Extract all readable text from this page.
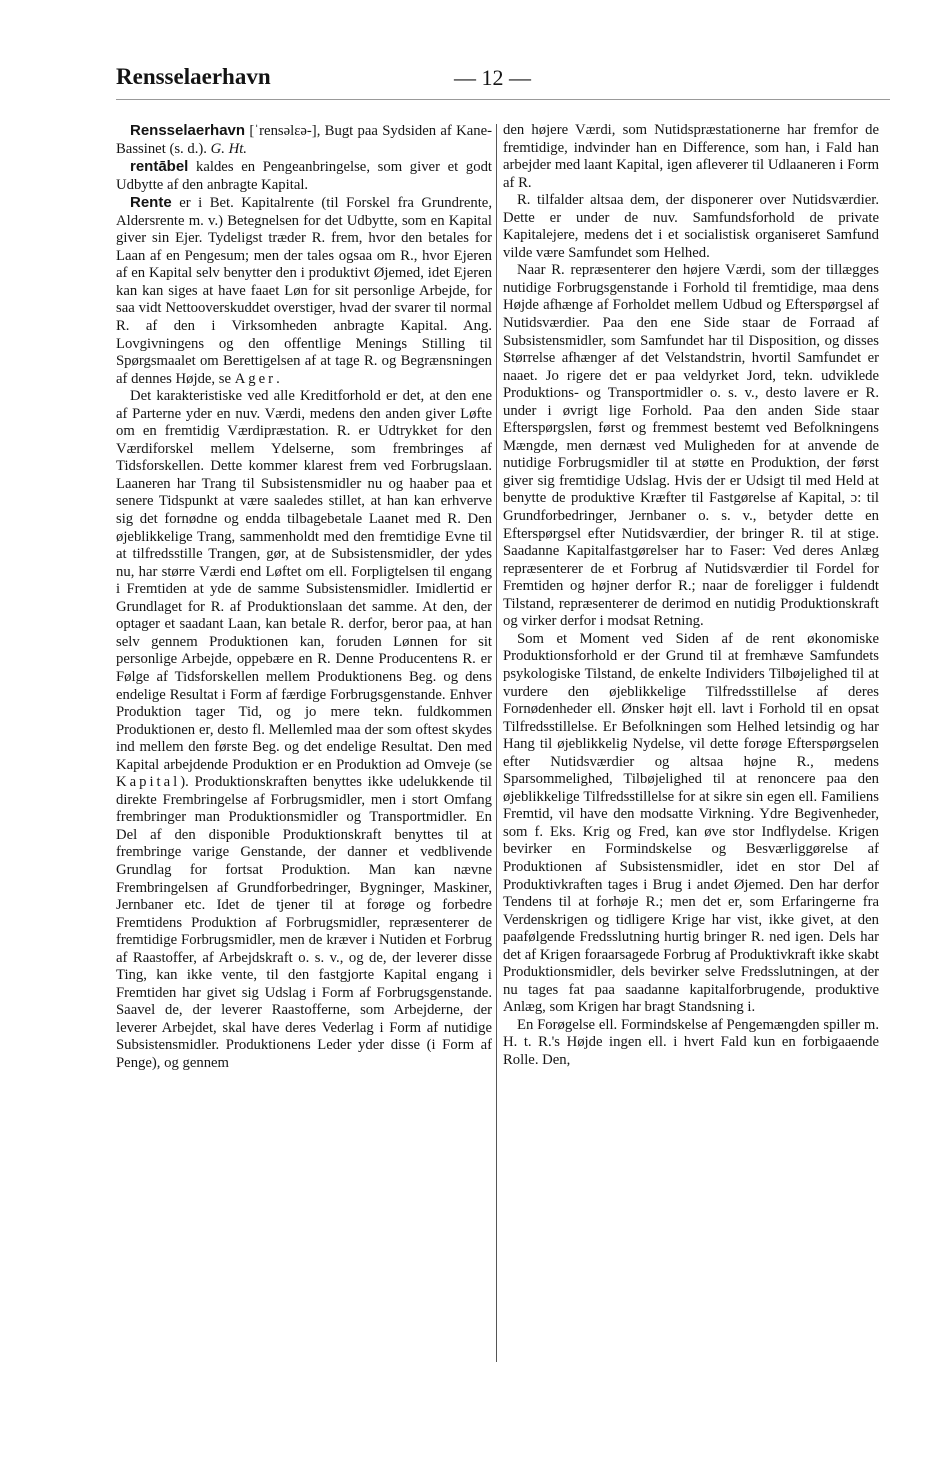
Rensselaerhavn	— 12 —

Rensselaerhavn [ˈrensəlɛə-], Bugt paa Sydsiden af Kane-Bassinet (s. d.). G. Ht.

rentābel kaldes en Pengeanbringelse, som giver et godt Udbytte af den anbragte Kapital.

Rente er i Bet. Kapitalrente (til Forskel fra Grundrente, Aldersrente m. v.) Betegnelsen for det Udbytte, som en Kapital giver sin Ejer. Tydeligst træder R. frem, hvor den betales for Laan af en Pengesum; men der tales ogsaa om R., hvor Ejeren af en Kapital selv benytter den i produktivt Øjemed, idet Ejeren kan kan siges at have faaet Løn for sit personlige Arbejde, for saa vidt Nettooverskuddet overstiger, hvad der svarer til normal R. af den i Virksomheden anbragte Kapital. Ang. Lovgivningens og den offentlige Menings Stilling til Spørgsmaalet om Berettigelsen af at tage R. og Begrænsningen af dennes Højde, se Ager.

Det karakteristiske ved alle Kreditforhold er det, at den ene af Parterne yder en nuv. Værdi, medens den anden giver Løfte om en fremtidig Værdipræstation. R. er Udtrykket for den Værdiforskel mellem Ydelserne, som frembringes af Tidsforskellen. Dette kommer klarest frem ved Forbrugslaan. Laaneren har Trang til Subsistensmidler nu og haaber paa et senere Tidspunkt at være saaledes stillet, at han kan erhverve sig det fornødne og endda tilbagebetale Laanet med R. Den øjeblikkelige Trang, sammenholdt med den fremtidige Evne til at tilfredsstille Trangen, gør, at de Subsistensmidler, der ydes nu, har større Værdi end Løftet om ell. Forpligtelsen til engang i Fremtiden at yde de samme Subsistensmidler. Imidlertid er Grundlaget for R. af Produktionslaan det samme. At den, der optager et saadant Laan, kan betale R. derfor, beror paa, at han selv gennem Produktionen kan, foruden Lønnen for sit personlige Arbejde, oppebære en R. Denne Producentens R. er Følge af Tidsforskellen mellem Produktionens Beg. og dens endelige Resultat i Form af færdige Forbrugsgenstande. Enhver Produktion tager Tid, og jo mere tekn. fuldkommen Produktionen er, desto fl. Mellemled maa der som oftest skydes ind mellem den første Beg. og det endelige Resultat. Den med Kapital arbejdende Produktion er en Produktion ad Omveje (se Kapital). Produktionskraften benyttes ikke udelukkende til direkte Frembringelse af Forbrugsmidler, men i stort Omfang frembringer man Produktionsmidler og Transportmidler. En Del af den disponible Produktionskraft benyttes til at frembringe varige Genstande, der danner et vedblivende Grundlag for fortsat Produktion. Man kan nævne Frembringelsen af Grundforbedringer, Bygninger, Maskiner, Jernbaner etc. Idet de tjener til at forøge og forbedre Fremtidens Produktion af Forbrugsmidler, repræsenterer de fremtidige Forbrugsmidler, men de kræver i Nutiden et Forbrug af Raastoffer, af Arbejdskraft o. s. v., og de, der leverer disse Ting, kan ikke vente, til den fastgjorte Kapital engang i Fremtiden har givet sig Udslag i Form af Forbrugsgenstande. Saavel de, der leverer Raastofferne, som Arbejderne, der leverer Arbejdet, skal have deres Vederlag i Form af nutidige Subsistensmidler. Produktionens Leder yder disse (i Form af Penge), og gennem

den højere Værdi, som Nutidspræstationerne har fremfor de fremtidige, indvinder han en Difference, som han, i Fald han arbejder med laant Kapital, igen afleverer til Udlaaneren i Form af R.

R. tilfalder altsaa dem, der disponerer over Nutidsværdier. Dette er under de nuv. Samfundsforhold de private Kapitalejere, medens det i et socialistisk organiseret Samfund vilde være Samfundet som Helhed.

Naar R. repræsenterer den højere Værdi, som der tillægges nutidige Forbrugsgenstande i Forhold til fremtidige, maa dens Højde afhænge af Forholdet mellem Udbud og Efterspørgsel af Nutidsværdier. Paa den ene Side staar de Forraad af Subsistensmidler, som Samfundet har til Disposition, og disses Størrelse afhænger af det Velstandstrin, hvortil Samfundet er naaet. Jo rigere det er paa veldyrket Jord, tekn. udviklede Produktions- og Transportmidler o. s. v., desto lavere er R. under i øvrigt lige Forhold. Paa den anden Side staar Efterspørgslen, først og fremmest bestemt ved Befolkningens Mængde, men dernæst ved Muligheden for at anvende de nutidige Forbrugsmidler til at støtte en Produktion, der først giver sig fremtidige Udslag. Hvis der er Udsigt til med Held at benytte de produktive Kræfter til Fastgørelse af Kapital, ɔ: til Grundforbedringer, Jernbaner o. s. v., betyder dette en Efterspørgsel efter Nutidsværdier, der bringer R. til at stige. Saadanne Kapitalfastgørelser har to Faser: Ved deres Anlæg repræsenterer de et Forbrug af Nutidsværdier til Fordel for Fremtiden og højner derfor R.; naar de foreligger i fuldendt Tilstand, repræsenterer de derimod en nutidig Produktionskraft og virker derfor i modsat Retning.

Som et Moment ved Siden af de rent økonomiske Produktionsforhold er der Grund til at fremhæve Samfundets psykologiske Tilstand, de enkelte Individers Tilbøjelighed til at vurdere den øjeblikkelige Tilfredsstillelse af deres Fornødenheder ell. Ønsker højt ell. lavt i Forhold til en opsat Tilfredsstillelse. Er Befolkningen som Helhed letsindig og har Hang til øjeblikkelig Nydelse, vil dette forøge Efterspørgselen efter Nutidsværdier og altsaa højne R., medens Sparsommelighed, Tilbøjelighed til at renoncere paa den øjeblikkelige Tilfredsstillelse for at sikre sin egen ell. Familiens Fremtid, vil have den modsatte Virkning. Ydre Begivenheder, som f. Eks. Krig og Fred, kan øve stor Indflydelse. Krigen bevirker en Formindskelse og Besværliggørelse af Produktionen af Subsistensmidler, idet en stor Del af Produktivkraften tages i Brug i andet Øjemed. Den har derfor Tendens til at forhøje R.; men det er, som Erfaringerne fra Verdenskrigen og tidligere Krige har vist, ikke givet, at den paafølgende Fredsslutning hurtig bringer R. ned igen. Dels har det af Krigen foraarsagede Forbrug af Produktivkraft ikke skabt Produktionsmidler, dels bevirker selve Fredsslutningen, at der nu tages fat paa saadanne kapitalforbrugende, produktive Anlæg, som Krigen har bragt Standsning i.

En Forøgelse ell. Formindskelse af Pengemængden spiller m. H. t. R.'s Højde ingen ell. i hvert Fald kun en forbigaaende Rolle. Den,
